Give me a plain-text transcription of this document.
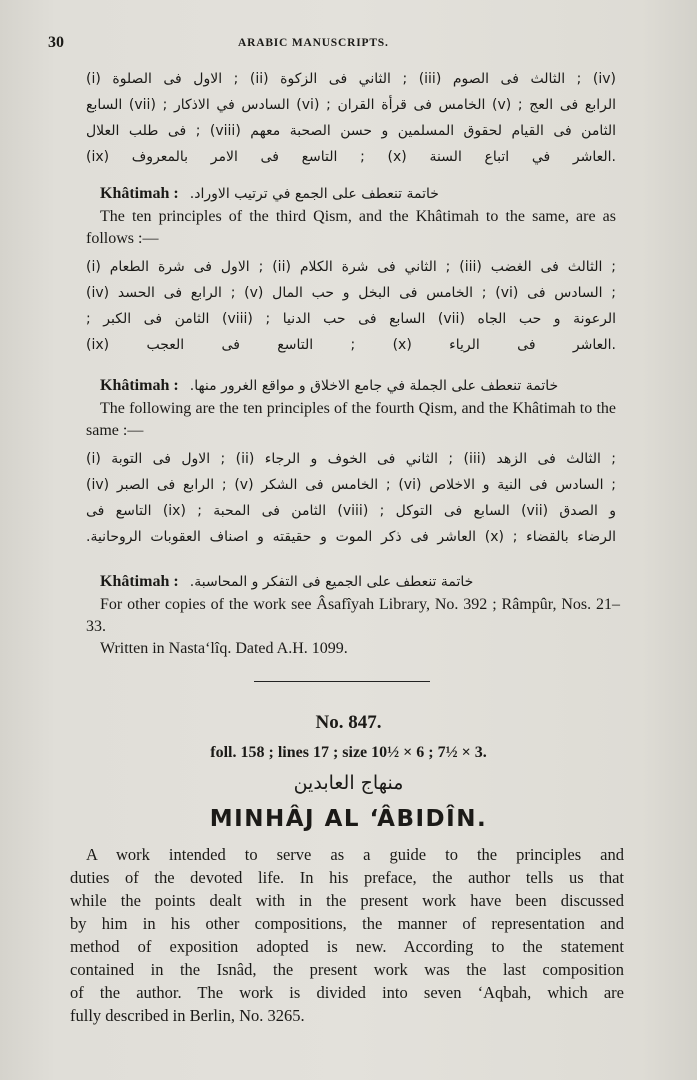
30	ARABIC MANUSCRIPTS.
(i) الاول فى الصلوة ; (ii) الثاني فى الزكوة ; (iii) الثالث فى الصوم ; (iv)
الرابع فى العج ; (v) الخامس فى قرأة القران ; (vi) السادس في الاذكار ; (vii) السابع
الثامن فى القيام لحقوق المسلمين و حسن الصحبة معهم (viii) ; فى طلب العلال
(ix) التاسع فى الامر بالمعروف ; (x) العاشر في اتباع السنة.
Khâtimah : خاتمة تنعطف على الجمع في ترتيب الاوراد.
The ten principles of the third Qism, and the Khâtimah to the same, are as follows :—
(i) الاول فى شرة الطعام ; (ii) الثاني فى شرة الكلام ; (iii) الثالث فى الغضب ;
(iv) الرابع فى الحسد ; (v) الخامس فى البخل و حب المال ; (vi) السادس فى ;
الرعونة و حب الجاه (vii) السابع فى حب الدنيا ; (viii) الثامن فى الكبر ;
(ix) التاسع فى العجب ; (x) العاشر فى الرياء.
Khâtimah : خاتمة تنعطف على الجملة في جامع الاخلاق و مواقع الغرور منها.
The following are the ten principles of the fourth Qism, and the Khâtimah to the same :—
(i) الاول فى التوبة ; (ii) الثاني فى الخوف و الرجاء ; (iii) الثالث فى الزهد ;
(iv) الرابع فى الصبر ; (v) الخامس فى الشكر ; (vi) السادس فى النية و الاخلاص ;
و الصدق (vii) السابع فى التوكل ; (viii) الثامن فى المحبة ; (ix) التاسع فى
الرضاء بالقضاء ; (x) العاشر فى ذكر الموت و حقيقته و اصناف العقوبات الروحانية.
Khâtimah : خاتمة تنعطف على الجميع فى التفكر و المحاسبة.
For other copies of the work see Âsafîyah Library, No. 392 ; Râmpûr, Nos. 21–33.
Written in Nasta‘lîq. Dated A.H. 1099.
No. 847.
foll. 158 ; lines 17 ; size 10½ × 6 ; 7½ × 3.
منهاج العابدين
MINHÂJ AL ‘ÂBIDÎN.
A work intended to serve as a guide to the principles and
duties of the devoted life. In his preface, the author tells us that
while the points dealt with in the present work have been discussed
by him in his other compositions, the manner of representation and
method of exposition adopted is new. According to the statement
contained in the Isnâd, the present work was the last composition
of the author. The work is divided into seven ‘Aqbah, which are
fully described in Berlin, No. 3265.
